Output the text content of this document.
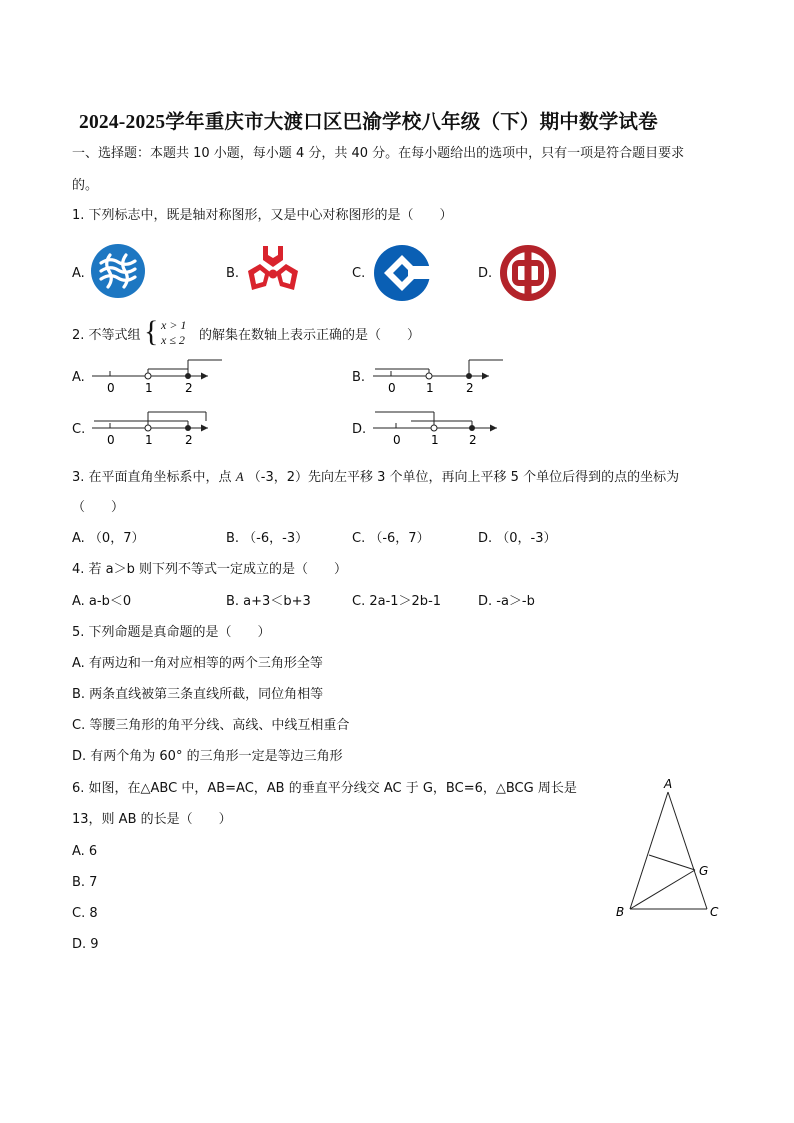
2024-2025学年重庆市大渡口区巴渝学校八年级（下）期中数学试卷
一、选择题：本题共 10 小题，每小题 4 分，共 40 分。在每小题给出的选项中，只有一项是符合题目要求
的。
1. 下列标志中，既是轴对称图形，又是中心对称图形的是（　　）
A.	B.	C.	D.
2. 不等式组 { x > 1
x ≤ 2 的解集在数轴上表示正确的是（　　）
A.
0	1	2
B.
0	1	2
C.
0	1	2
D.
0	1	2
3. 在平面直角坐标系中，点 A （-3，2）先向左平移 3 个单位，再向上平移 5 个单位后得到的点的坐标为
（　　）
A. （0，7）	B. （-6，-3）	C. （-6，7）	D. （0，-3）
4. 若 a＞b 则下列不等式一定成立的是（　　）
A. a-b＜0	B. a+3＜b+3	C. 2a-1＞2b-1	D. -a＞-b
5. 下列命题是真命题的是（　　）
A. 有两边和一角对应相等的两个三角形全等
B. 两条直线被第三条直线所截，同位角相等
C. 等腰三角形的角平分线、高线、中线互相重合
D. 有两个角为 60° 的三角形一定是等边三角形
6. 如图，在△ABC 中，AB=AC，AB 的垂直平分线交 AC 于 G，BC=6，△BCG 周长是
13，则 AB 的长是（　　）
A. 6
B. 7
C. 8
D. 9
A
B	C
G
